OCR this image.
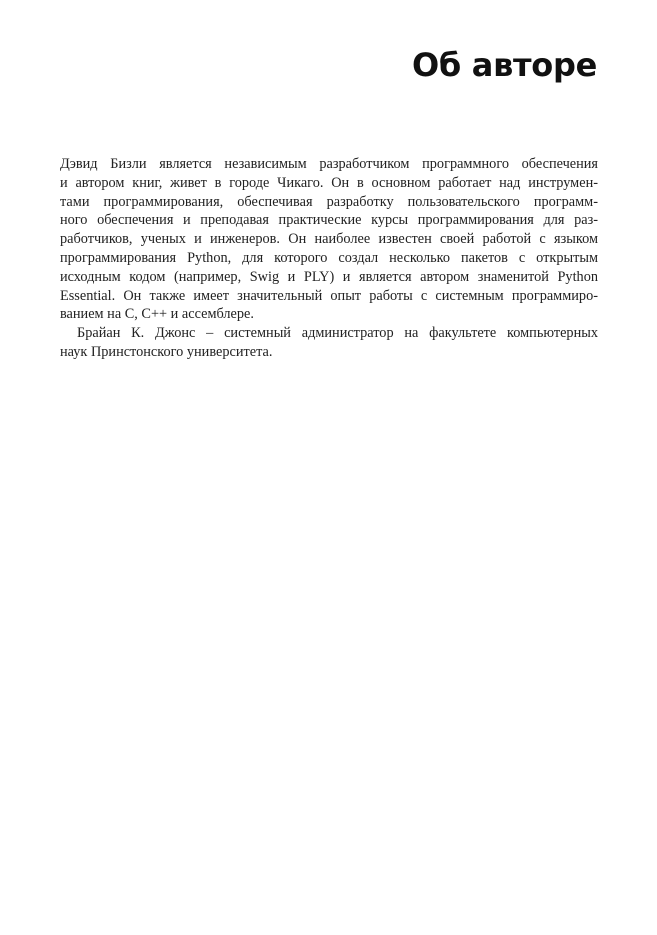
Об авторе
Дэвид Бизли является независимым разработчиком программного обеспечения
и автором книг, живет в городе Чикаго. Он в основном работает над инструмен-
тами программирования, обеспечивая разработку пользовательского программ-
ного обеспечения и преподавая практические курсы программирования для раз-
работчиков, ученых и инженеров. Он наиболее известен своей работой с языком
программирования Python, для которого создал несколько пакетов с открытым
исходным кодом (например, Swig и PLY) и является автором знаменитой Python
Essential. Он также имеет значительный опыт работы с системным программиро-
ванием на C, C++ и ассемблере.
Брайан К. Джонс – системный администратор на факультете компьютерных
наук Принстонского университета.
